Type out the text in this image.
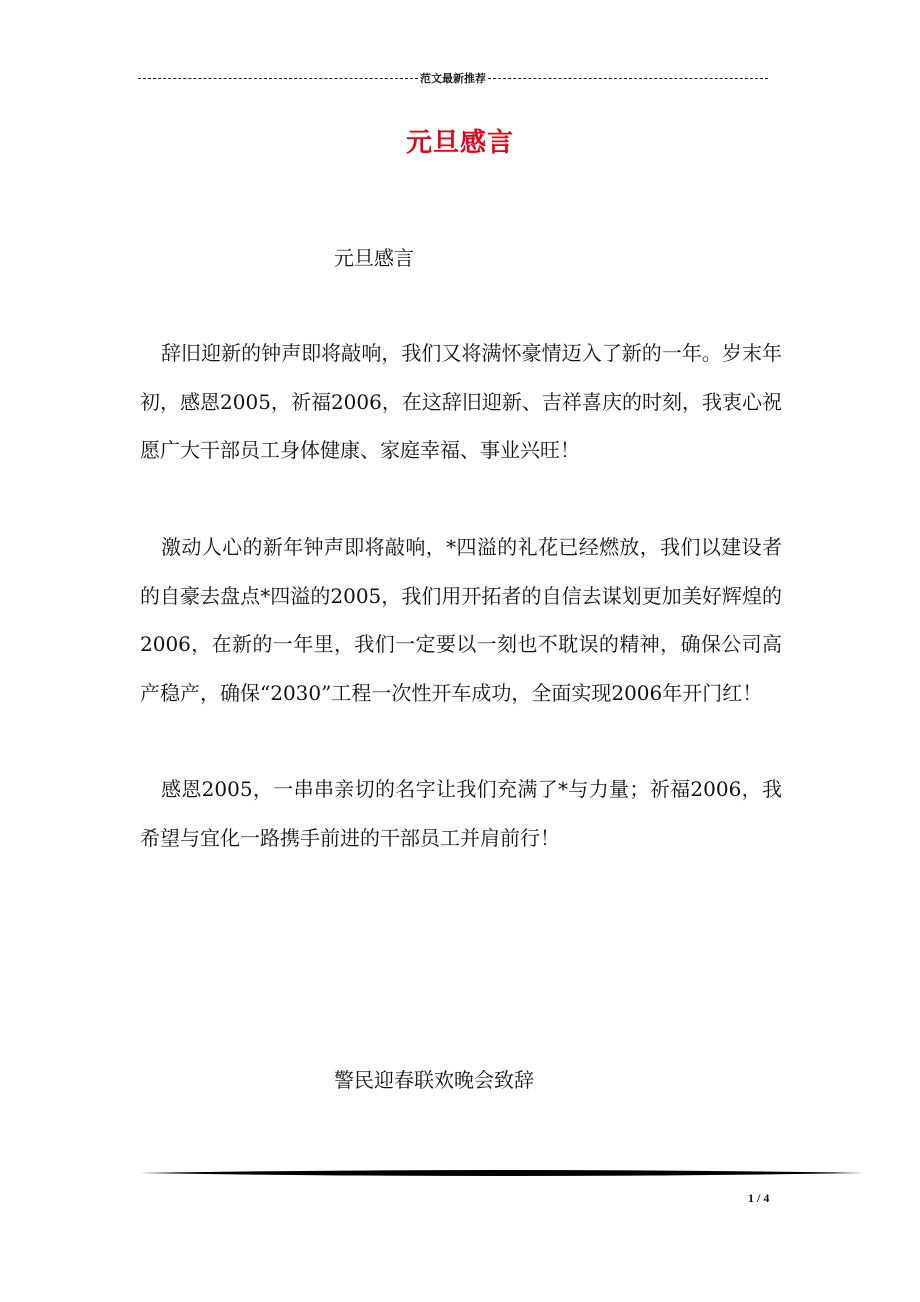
范文最新推荐
元旦感言
元旦感言

辞旧迎新的钟声即将敲响，我们又将满怀豪情迈入了新的一年。岁末年初，感恩2005，祈福2006，在这辞旧迎新、吉祥喜庆的时刻，我衷心祝愿广大干部员工身体健康、家庭幸福、事业兴旺！

激动人心的新年钟声即将敲响，*四溢的礼花已经燃放，我们以建设者的自豪去盘点*四溢的2005，我们用开拓者的自信去谋划更加美好辉煌的2006，在新的一年里，我们一定要以一刻也不耽误的精神，确保公司高产稳产，确保“2030”工程一次性开车成功，全面实现2006年开门红！

感恩2005，一串串亲切的名字让我们充满了*与力量；祈福2006，我希望与宜化一路携手前进的干部员工并肩前行！

警民迎春联欢晚会致辞
1 / 4
